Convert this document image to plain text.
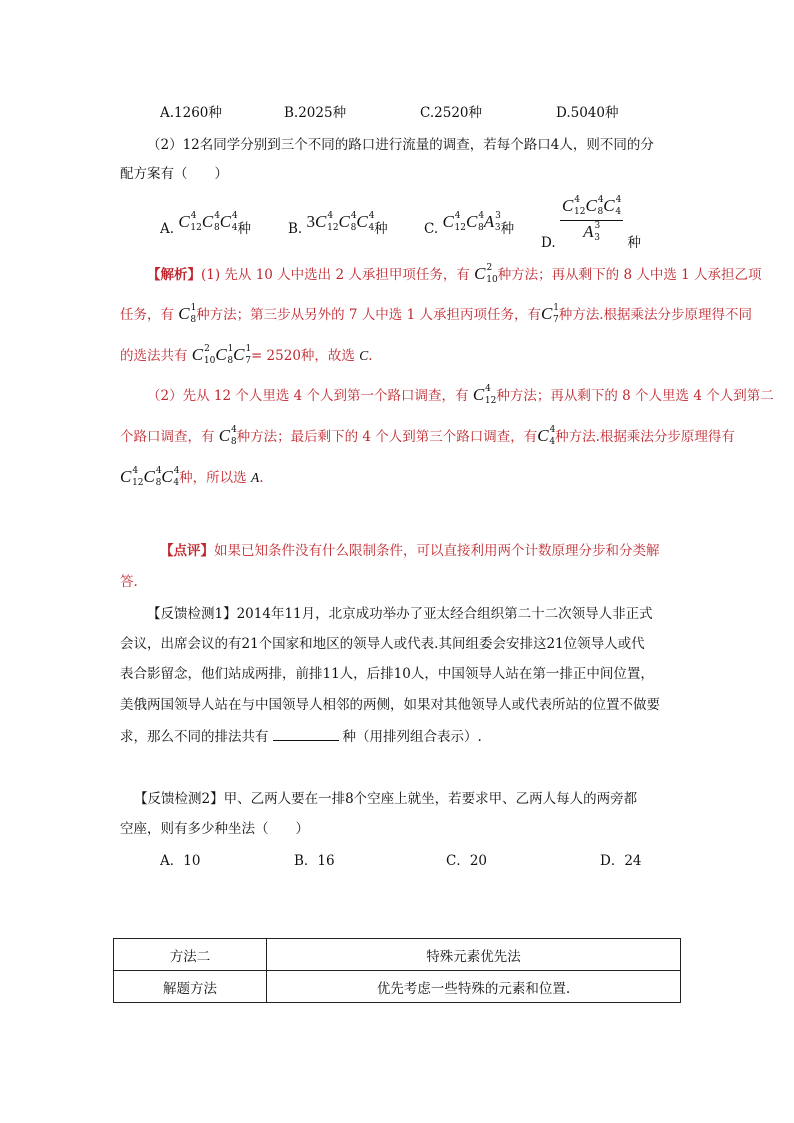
A.1260种	B.2025种	C.2520种	D.5040种
（2）12名同学分别到三个不同的路口进行流量的调查，若每个路口4人，则不同的分
配方案有（　　）
A. $C^4_{12}C^4_8C^4_4$种	B. $3C^4_{12}C^4_8C^4_4$种	C. $C^4_{12}C^4_8A^3_3$种
D. $\frac{C^4_{12}C^4_8C^4_4}{A^3_3}$ 种
【解析】(1) 先从 10 人中选出 2 人承担甲项任务，有 $C^2_{10}$种方法；再从剩下的 8 人中选 1 人承担乙项
任务，有 $C^1_8$种方法；第三步从另外的 7 人中选 1 人承担丙项任务，有$C^1_7$种方法.根据乘法分步原理得不同
的选法共有 $C^2_{10}C^1_8C^1_7= 2520$种，故选 C.
（2）先从 12 个人里选 4 个人到第一个路口调查，有 $C^4_{12}$种方法；再从剩下的 8 个人里选 4 个人到第二
个路口调查，有 $C^4_8$种方法；最后剩下的 4 个人到第三个路口调查，有$C^4_4$种方法.根据乘法分步原理得有
$C^4_{12}C^4_8C^4_4$种，所以选 A.
【点评】如果已知条件没有什么限制条件，可以直接利用两个计数原理分步和分类解
答.
【反馈检测1】2014年11月，北京成功举办了亚太经合组织第二十二次领导人非正式
会议，出席会议的有21个国家和地区的领导人或代表.其间组委会安排这21位领导人或代
表合影留念，他们站成两排，前排11人，后排10人，中国领导人站在第一排正中间位置，
美俄两国领导人站在与中国领导人相邻的两侧，如果对其他领导人或代表所站的位置不做要
求，那么不同的排法共有	种（用排列组合表示）.
【反馈检测2】甲、乙两人要在一排8个空座上就坐，若要求甲、乙两人每人的两旁都
空座，则有多少种坐法（　　）
A．10	B．16	C．20	D．24
方法二	特殊元素优先法
解题方法	优先考虑一些特殊的元素和位置.
